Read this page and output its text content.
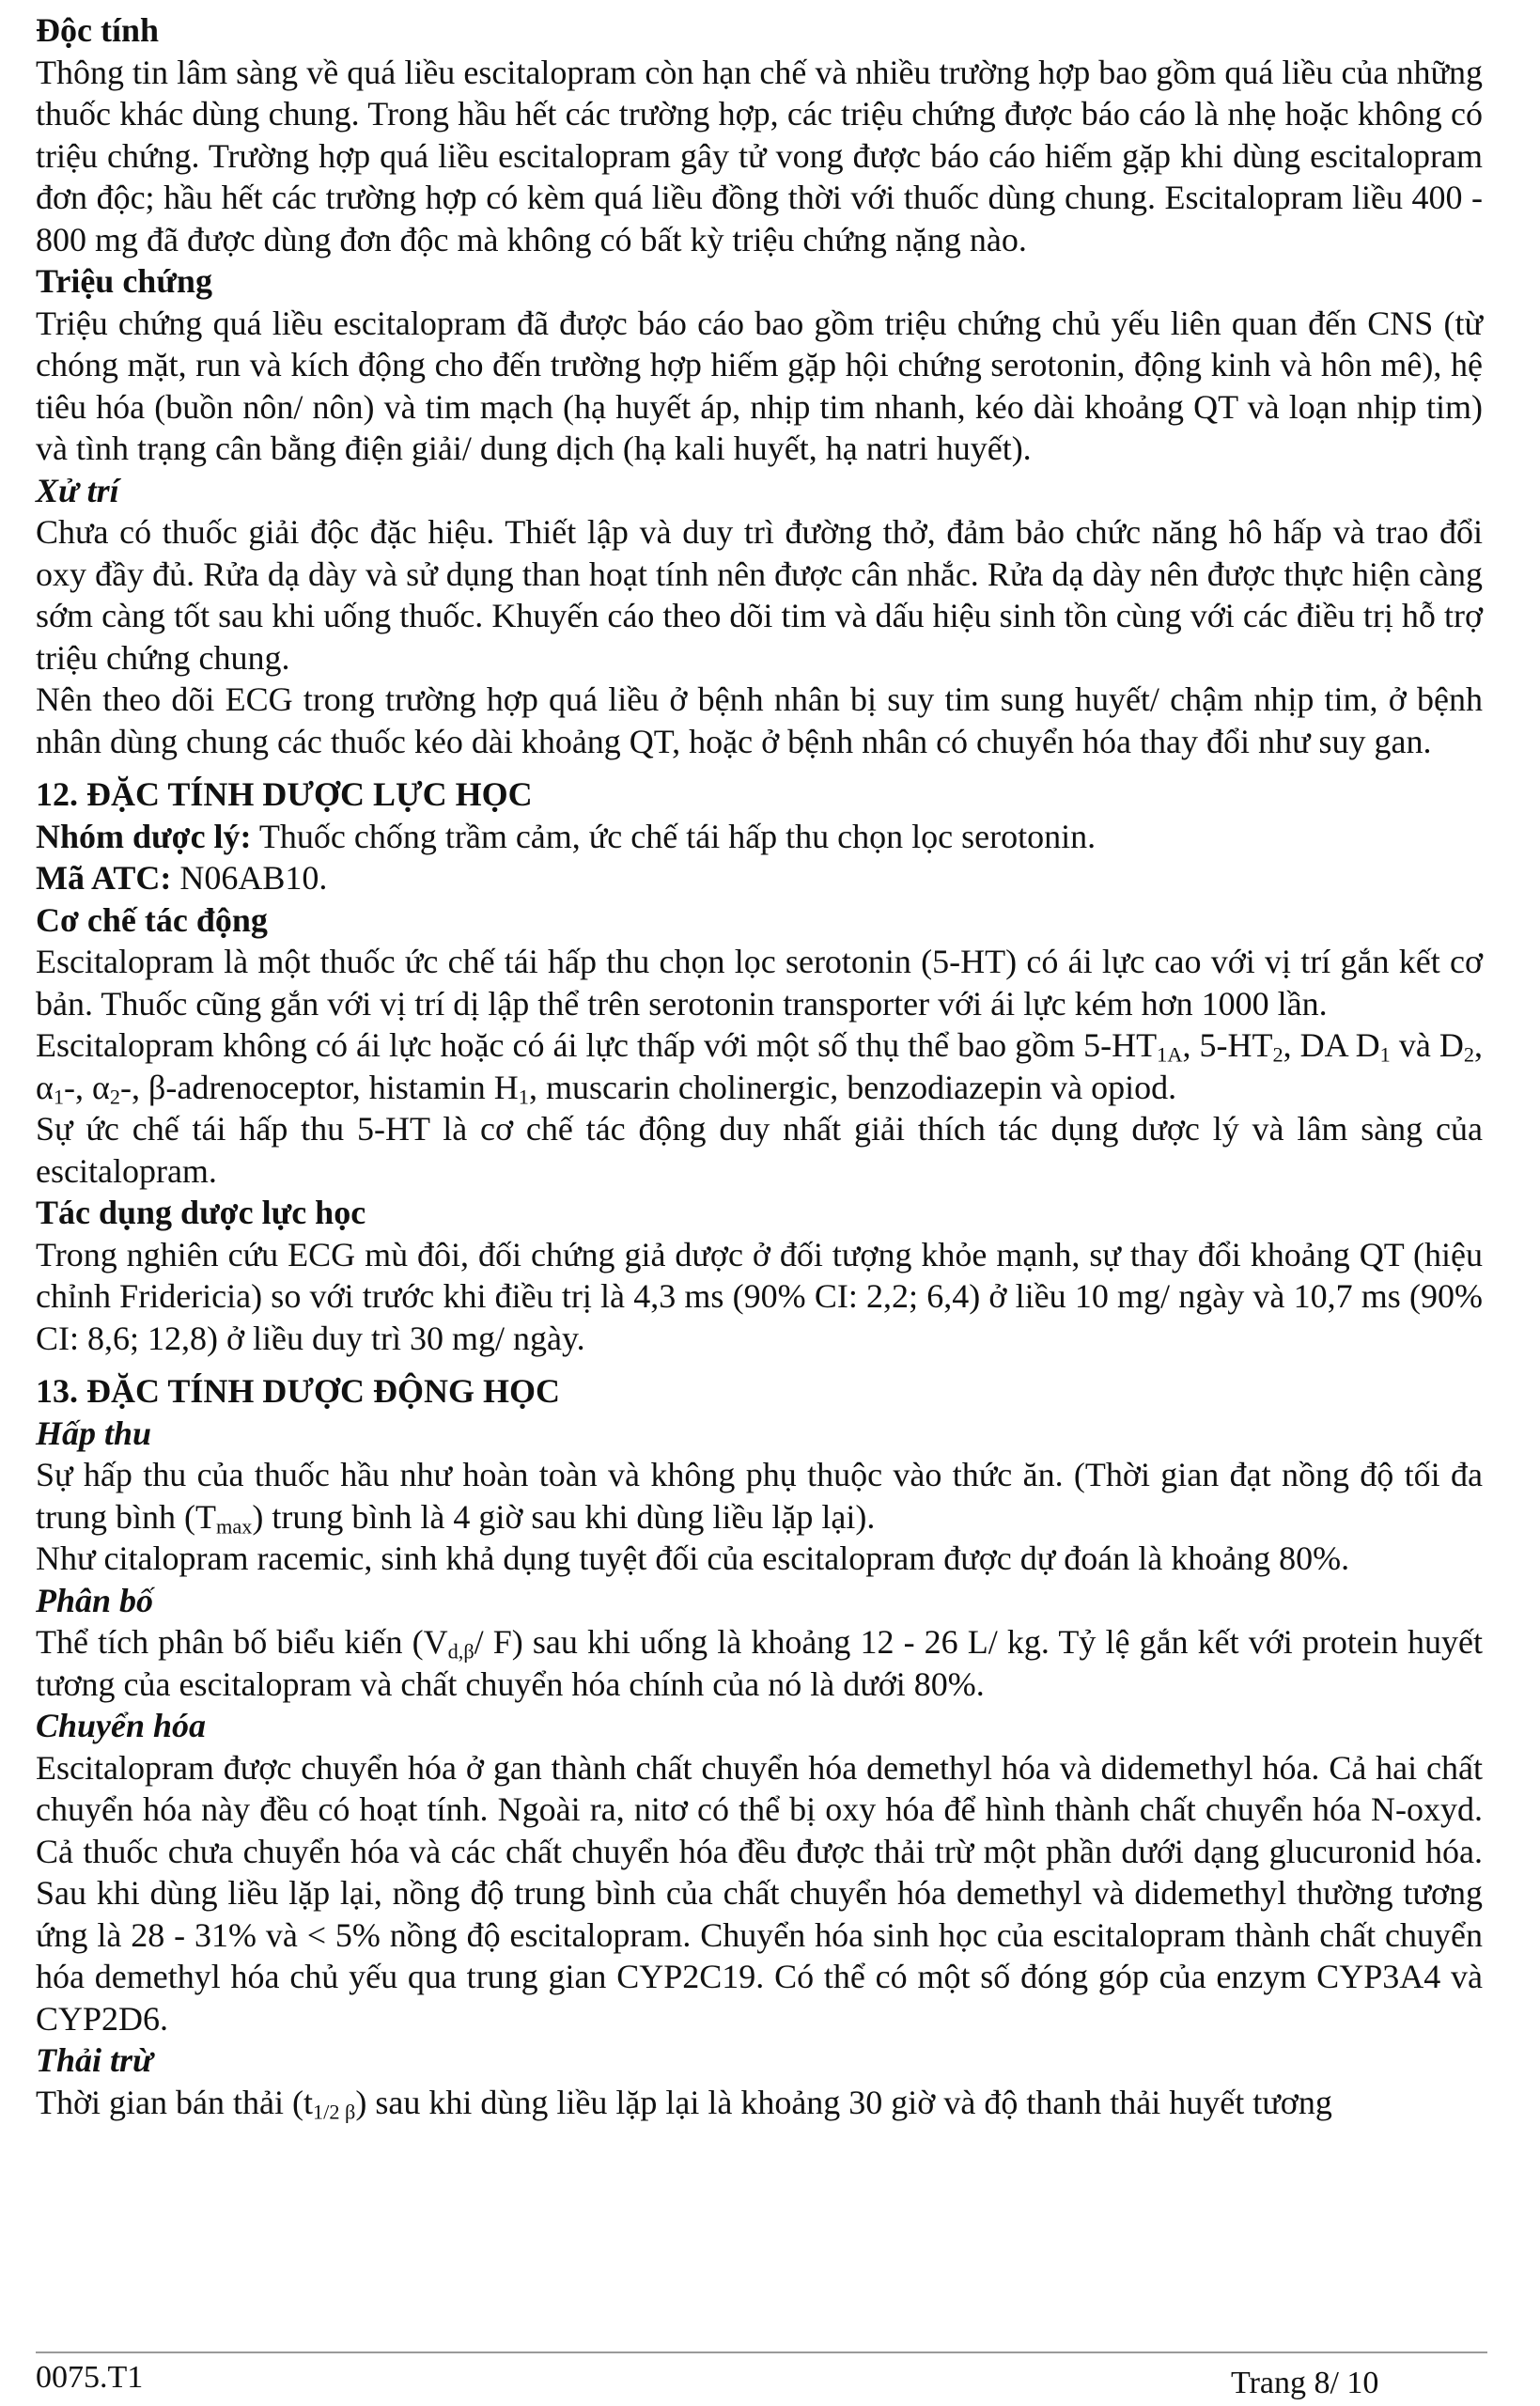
Độc tính

Thông tin lâm sàng về quá liều escitalopram còn hạn chế và nhiều trường hợp bao gồm quá liều của những thuốc khác dùng chung. Trong hầu hết các trường hợp, các triệu chứng được báo cáo là nhẹ hoặc không có triệu chứng. Trường hợp quá liều escitalopram gây tử vong được báo cáo hiếm gặp khi dùng escitalopram đơn độc; hầu hết các trường hợp có kèm quá liều đồng thời với thuốc dùng chung. Escitalopram liều 400 - 800 mg đã được dùng đơn độc mà không có bất kỳ triệu chứng nặng nào.

Triệu chứng

Triệu chứng quá liều escitalopram đã được báo cáo bao gồm triệu chứng chủ yếu liên quan đến CNS (từ chóng mặt, run và kích động cho đến trường hợp hiếm gặp hội chứng serotonin, động kinh và hôn mê), hệ tiêu hóa (buồn nôn/ nôn) và tim mạch (hạ huyết áp, nhịp tim nhanh, kéo dài khoảng QT và loạn nhịp tim) và tình trạng cân bằng điện giải/ dung dịch (hạ kali huyết, hạ natri huyết).

Xử trí

Chưa có thuốc giải độc đặc hiệu. Thiết lập và duy trì đường thở, đảm bảo chức năng hô hấp và trao đổi oxy đầy đủ. Rửa dạ dày và sử dụng than hoạt tính nên được cân nhắc. Rửa dạ dày nên được thực hiện càng sớm càng tốt sau khi uống thuốc. Khuyến cáo theo dõi tim và dấu hiệu sinh tồn cùng với các điều trị hỗ trợ triệu chứng chung.

Nên theo dõi ECG trong trường hợp quá liều ở bệnh nhân bị suy tim sung huyết/ chậm nhịp tim, ở bệnh nhân dùng chung các thuốc kéo dài khoảng QT, hoặc ở bệnh nhân có chuyển hóa thay đổi như suy gan.

12. ĐẶC TÍNH DƯỢC LỰC HỌC

Nhóm dược lý: Thuốc chống trầm cảm, ức chế tái hấp thu chọn lọc serotonin.

Mã ATC: N06AB10.

Cơ chế tác động

Escitalopram là một thuốc ức chế tái hấp thu chọn lọc serotonin (5-HT) có ái lực cao với vị trí gắn kết cơ bản. Thuốc cũng gắn với vị trí dị lập thể trên serotonin transporter với ái lực kém hơn 1000 lần.

Escitalopram không có ái lực hoặc có ái lực thấp với một số thụ thể bao gồm $5-HT_{1A}$, $5-HT_2$, DA $D_1$ và $D_2$, $\alpha_1-$, $\alpha_2-$, β-adrenoceptor, histamin $H_1$, muscarin cholinergic, benzodiazepin và opiod.

Sự ức chế tái hấp thu 5-HT là cơ chế tác động duy nhất giải thích tác dụng dược lý và lâm sàng của escitalopram.

Tác dụng dược lực học

Trong nghiên cứu ECG mù đôi, đối chứng giả dược ở đối tượng khỏe mạnh, sự thay đổi khoảng QT (hiệu chỉnh Fridericia) so với trước khi điều trị là 4,3 ms (90% CI: 2,2; 6,4) ở liều 10 mg/ ngày và 10,7 ms (90% CI: 8,6; 12,8) ở liều duy trì 30 mg/ ngày.

13. ĐẶC TÍNH DƯỢC ĐỘNG HỌC

Hấp thu

Sự hấp thu của thuốc hầu như hoàn toàn và không phụ thuộc vào thức ăn. (Thời gian đạt nồng độ tối đa trung bình $(T_{max})$ trung bình là 4 giờ sau khi dùng liều lặp lại).

Như citalopram racemic, sinh khả dụng tuyệt đối của escitalopram được dự đoán là khoảng 80%.

Phân bố

Thể tích phân bố biểu kiến ($V_{d,\beta}/$ F) sau khi uống là khoảng 12 - 26 L/ kg. Tỷ lệ gắn kết với protein huyết tương của escitalopram và chất chuyển hóa chính của nó là dưới 80%.

Chuyển hóa

Escitalopram được chuyển hóa ở gan thành chất chuyển hóa demethyl hóa và didemethyl hóa. Cả hai chất chuyển hóa này đều có hoạt tính. Ngoài ra, nitơ có thể bị oxy hóa để hình thành chất chuyển hóa N-oxyd. Cả thuốc chưa chuyển hóa và các chất chuyển hóa đều được thải trừ một phần dưới dạng glucuronid hóa. Sau khi dùng liều lặp lại, nồng độ trung bình của chất chuyển hóa demethyl và didemethyl thường tương ứng là 28 - 31% và < 5% nồng độ escitalopram. Chuyển hóa sinh học của escitalopram thành chất chuyển hóa demethyl hóa chủ yếu qua trung gian CYP2C19. Có thể có một số đóng góp của enzym CYP3A4 và CYP2D6.

Thải trừ

Thời gian bán thải $(t_{1/2 \beta})$ sau khi dùng liều lặp lại là khoảng 30 giờ và độ thanh thải huyết tương

0075.T1	Trang 8/ 10
